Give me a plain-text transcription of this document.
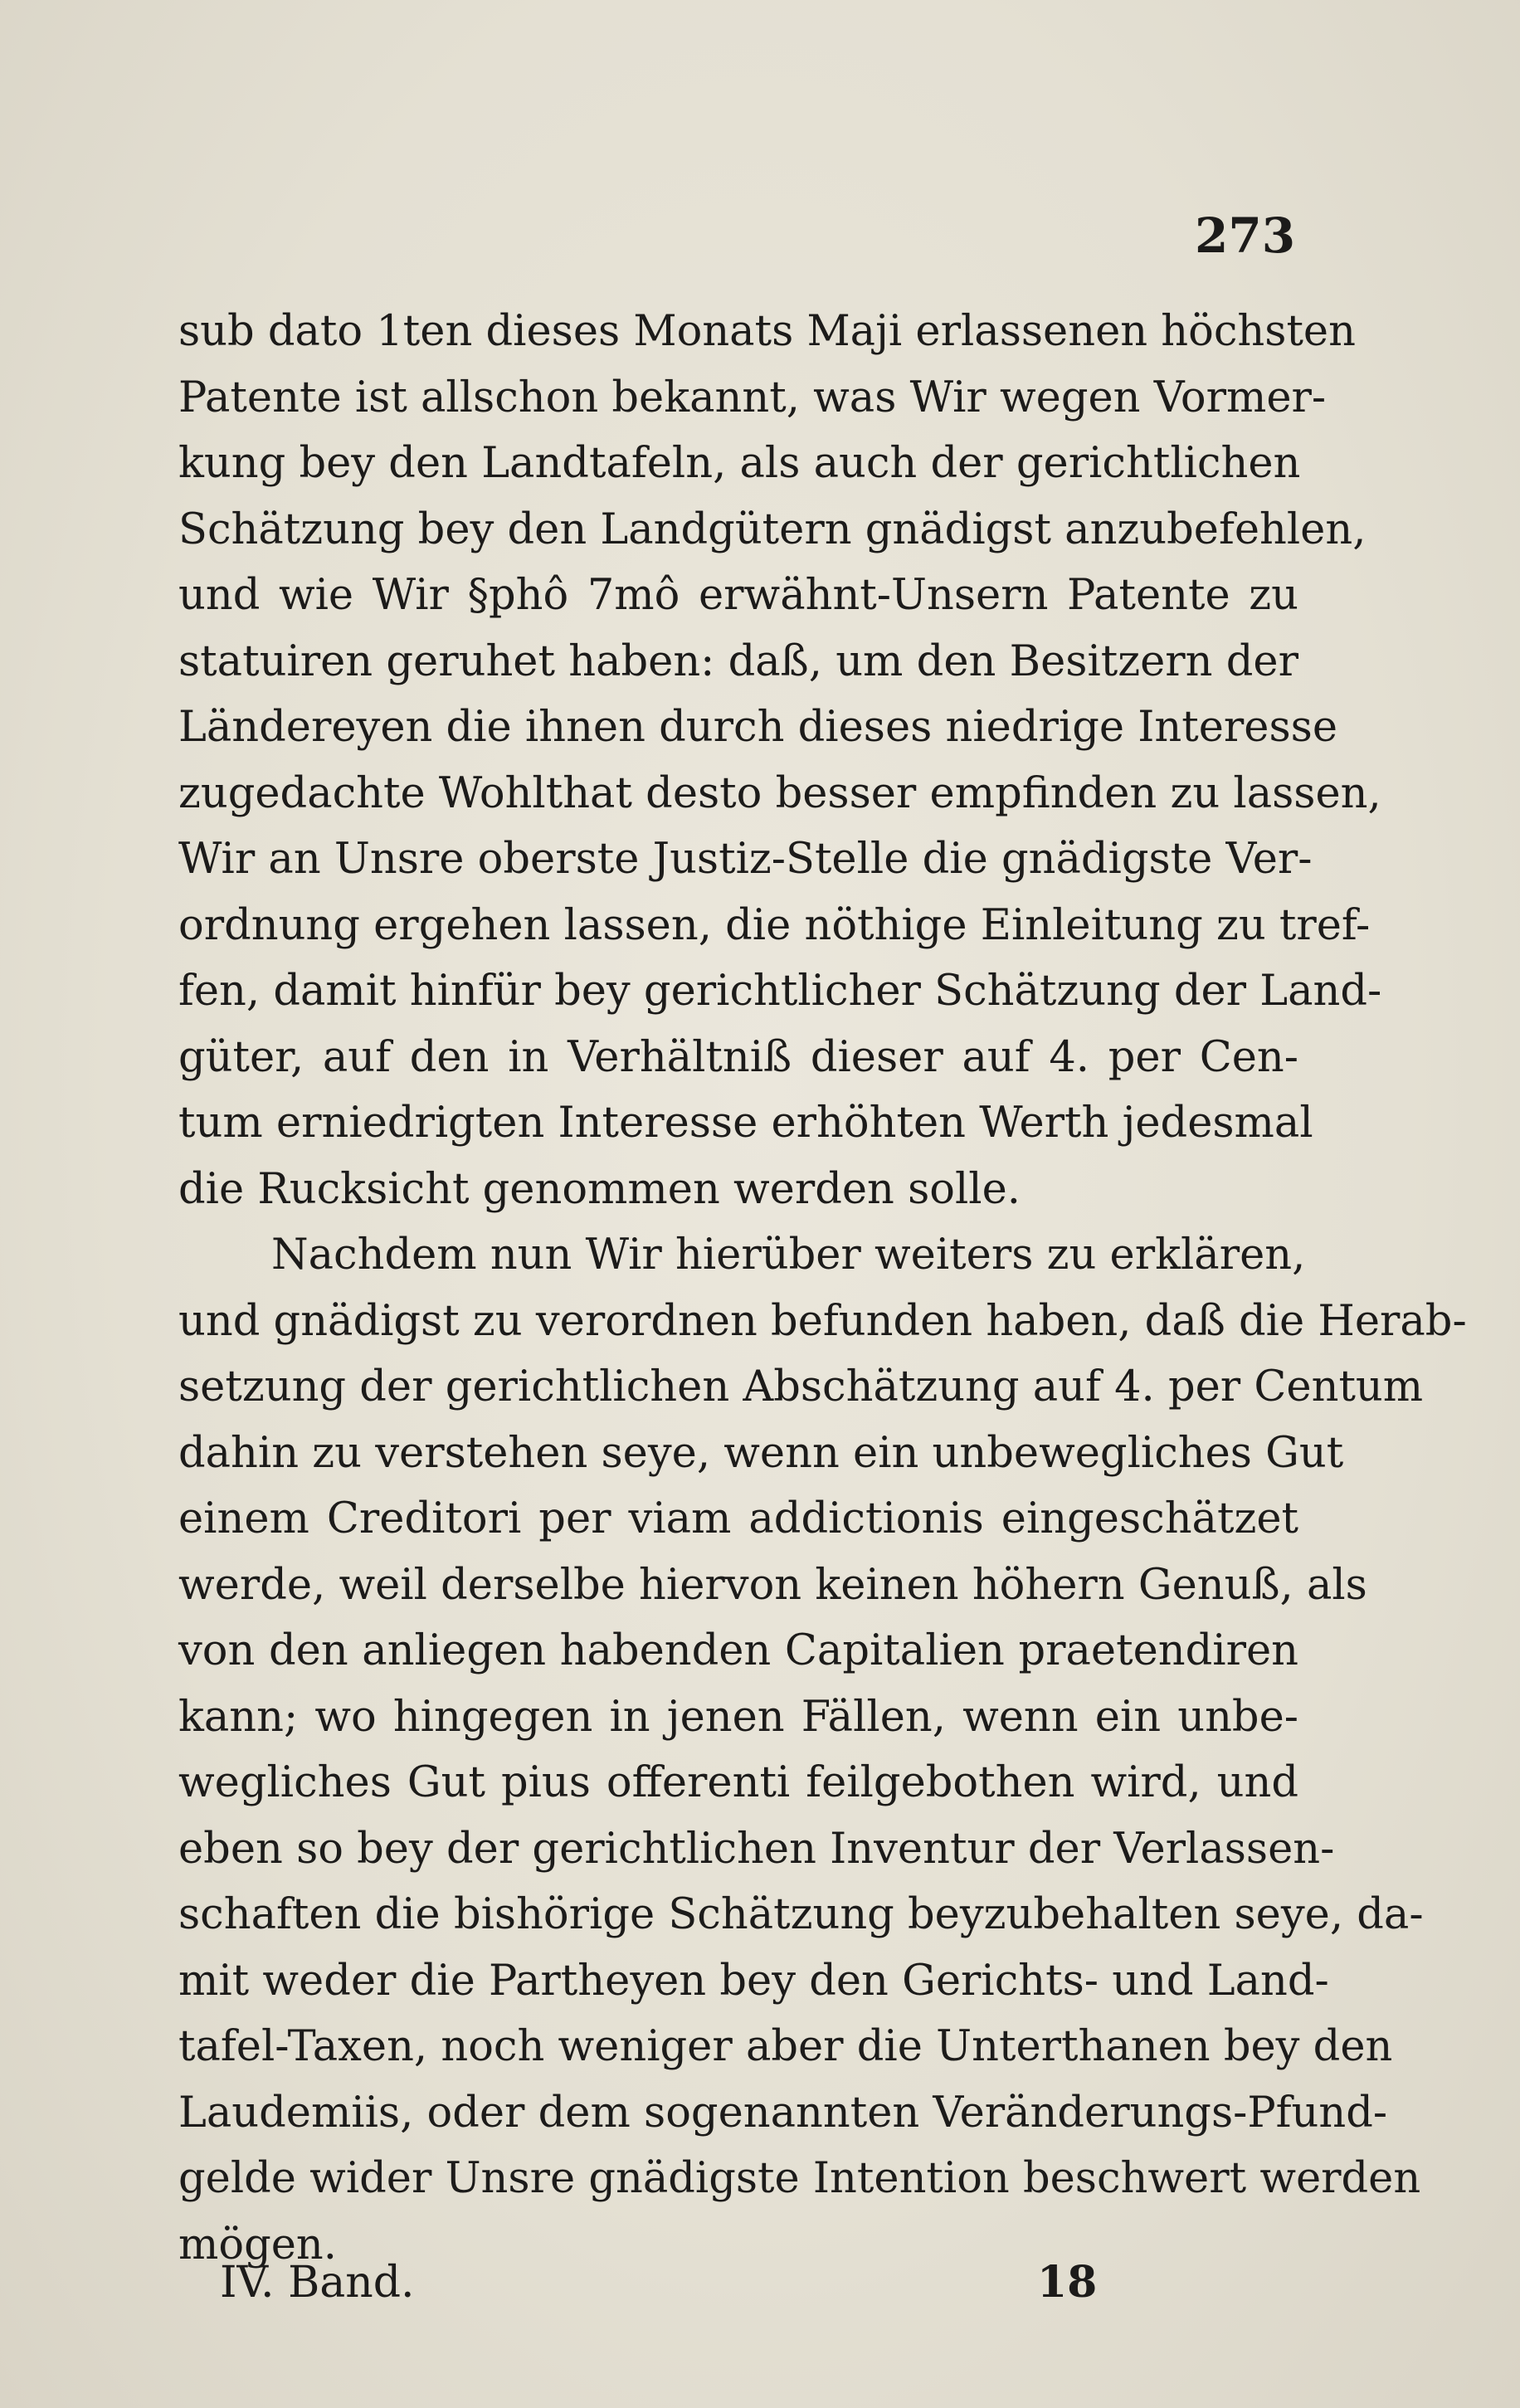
273
sub dato 1ten dieses Monats Maji erlassenen höchsten
Patente ist allschon bekannt, was Wir wegen Vormer-
kung bey den Landtafeln, als auch der gerichtlichen
Schätzung bey den Landgütern gnädigst anzubefehlen,
und wie Wir §phô 7mô erwähnt-Unsern Patente zu
statuiren geruhet haben: daß, um den Besitzern der
Ländereyen die ihnen durch dieses niedrige Interesse
zugedachte Wohlthat desto besser empfinden zu lassen,
Wir an Unsre oberste Justiz-Stelle die gnädigste Ver-
ordnung ergehen lassen, die nöthige Einleitung zu tref-
fen, damit hinfür bey gerichtlicher Schätzung der Land-
güter, auf den in Verhältniß dieser auf 4. per Cen-
tum erniedrigten Interesse erhöhten Werth jedesmal
die Rucksicht genommen werden solle.
Nachdem nun Wir hierüber weiters zu erklären,
und gnädigst zu verordnen befunden haben, daß die Herab-
setzung der gerichtlichen Abschätzung auf 4. per Centum
dahin zu verstehen seye, wenn ein unbewegliches Gut
einem Creditori per viam addictionis eingeschätzet
werde, weil derselbe hiervon keinen höhern Genuß, als
von den anliegen habenden Capitalien praetendiren
kann; wo hingegen in jenen Fällen, wenn ein unbe-
wegliches Gut pius offerenti feilgebothen wird, und
eben so bey der gerichtlichen Inventur der Verlassen-
schaften die bishörige Schätzung beyzubehalten seye, da-
mit weder die Partheyen bey den Gerichts- und Land-
tafel-Taxen, noch weniger aber die Unterthanen bey den
Laudemiis, oder dem sogenannten Veränderungs-Pfund-
gelde wider Unsre gnädigste Intention beschwert werden
mögen.
IV. Band.	18
